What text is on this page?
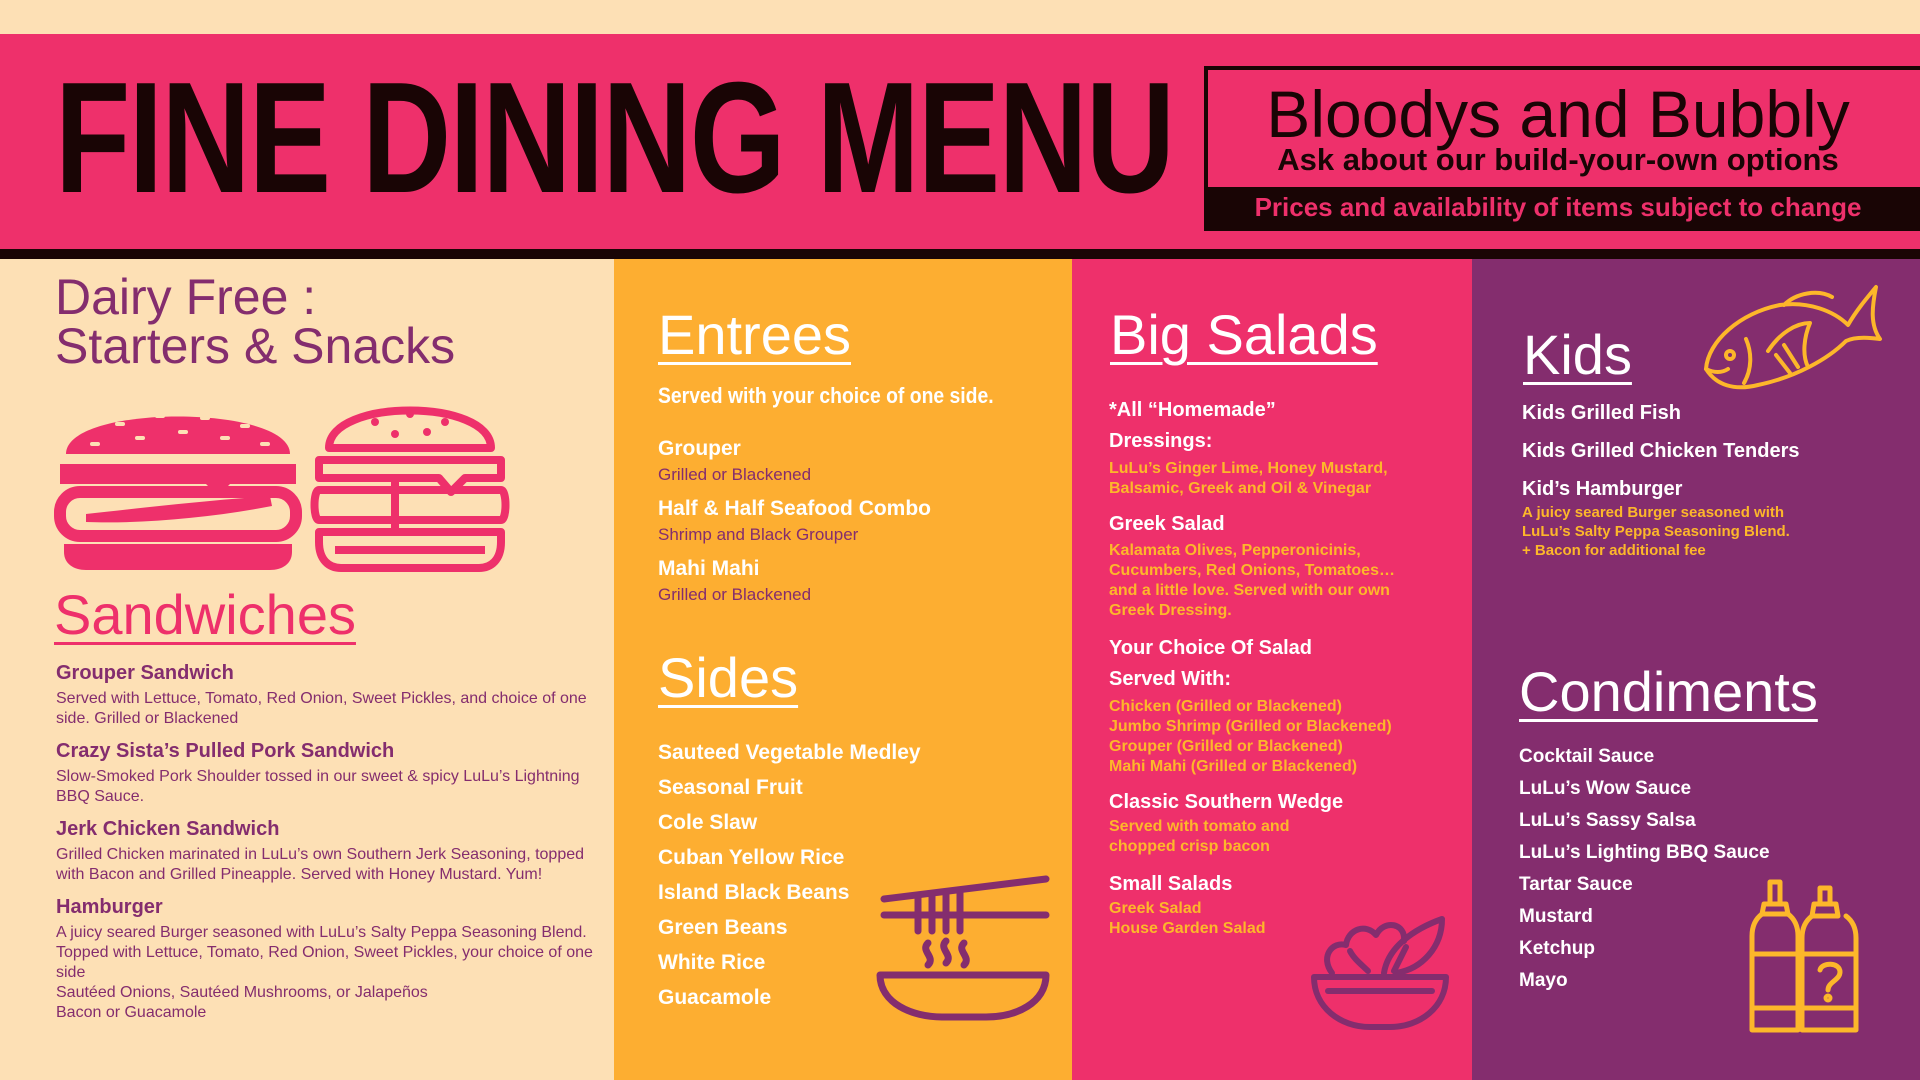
FINE DINING MENU	Bloodys and Bubbly
Ask about our build-your-own options
Prices and availability of items subject to change
Dairy Free :
Starters & Snacks
Sandwiches
Grouper Sandwich
Served with Lettuce, Tomato, Red Onion, Sweet Pickles, and choice of one side. Grilled or Blackened
Crazy Sista’s Pulled Pork Sandwich
Slow-Smoked Pork Shoulder tossed in our sweet & spicy LuLu’s Lightning BBQ Sauce.
Jerk Chicken Sandwich
Grilled Chicken marinated in LuLu’s own Southern Jerk Seasoning, topped with Bacon and Grilled Pineapple. Served with Honey Mustard. Yum!
Hamburger
A juicy seared Burger seasoned with LuLu’s Salty Peppa Seasoning Blend. Topped with Lettuce, Tomato, Red Onion, Sweet Pickles, your choice of one side
Sautéed Onions, Sautéed Mushrooms, or Jalapeños
Bacon or Guacamole
Entrees
Served with your choice of one side.
Grouper
Grilled or Blackened
Half & Half Seafood Combo
Shrimp and Black Grouper
Mahi Mahi
Grilled or Blackened
Sides
Sauteed Vegetable Medley
Seasonal Fruit
Cole Slaw
Cuban Yellow Rice
Island Black Beans
Green Beans
White Rice
Guacamole
Big Salads
*All “Homemade”
Dressings:
LuLu’s Ginger Lime, Honey Mustard, Balsamic, Greek and Oil & Vinegar
Greek Salad
Kalamata Olives, Pepperonicinis, Cucumbers, Red Onions, Tomatoes…and a little love. Served with our own Greek Dressing.
Your Choice Of Salad
Served With:
Chicken (Grilled or Blackened)
Jumbo Shrimp (Grilled or Blackened)
Grouper (Grilled or Blackened)
Mahi Mahi (Grilled or Blackened)
Classic Southern Wedge
Served with tomato and chopped crisp bacon
Small Salads
Greek Salad
House Garden Salad
Kids
Kids Grilled Fish
Kids Grilled Chicken Tenders
Kid’s Hamburger
A juicy seared Burger seasoned with LuLu’s Salty Peppa Seasoning Blend.
+ Bacon for additional fee
Condiments
Cocktail Sauce
LuLu’s Wow Sauce
LuLu’s Sassy Salsa
LuLu’s Lighting BBQ Sauce
Tartar Sauce
Mustard
Ketchup
Mayo
